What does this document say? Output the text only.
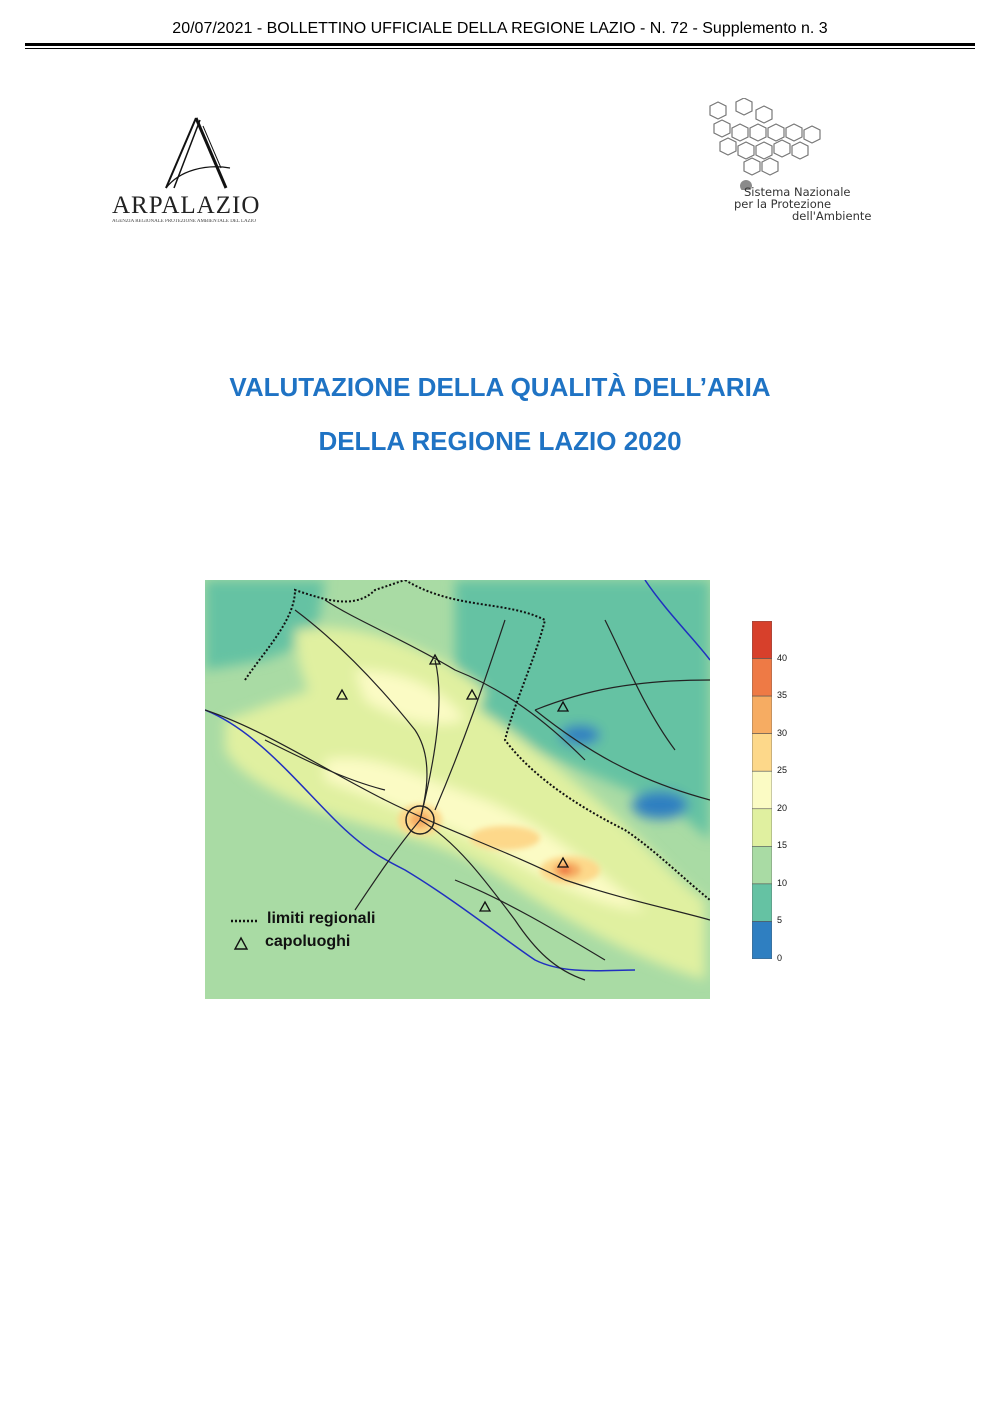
20/07/2021 - BOLLETTINO UFFICIALE DELLA REGIONE LAZIO - N. 72 - Supplemento n. 3
ARPALAZIO
AGENZIA REGIONALE PROTEZIONE AMBIENTALE DEL LAZIO
Sistema Nazionale
per la Protezione
dell'Ambiente
VALUTAZIONE DELLA QUALITÀ DELL’ARIA
DELLA REGIONE LAZIO 2020
limiti regionali
capoluoghi
40
35
30
25
20
15
10
5
0
